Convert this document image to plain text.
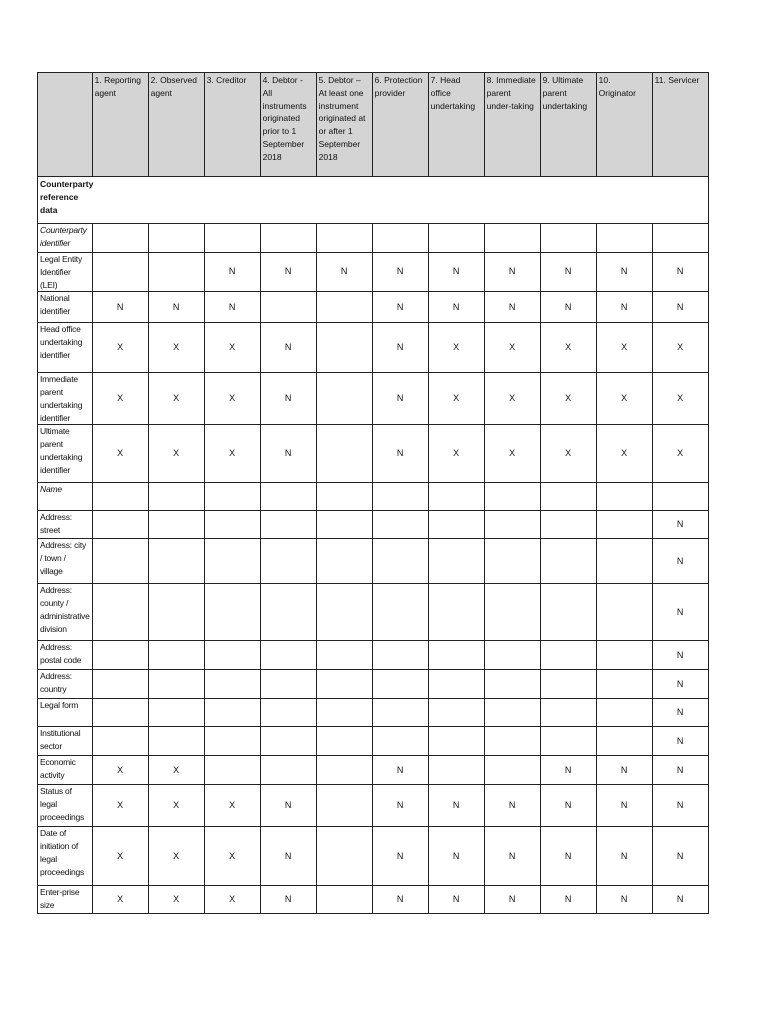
	1. Reporting agent	2. Observed agent	3. Creditor	4. Debtor - All instruments originated prior to 1 September 2018	5. Debtor – At least one instrument originated at or after 1 September 2018	6. Protection provider	7. Head office undertaking	8. Immediate parent under-taking	9. Ultimate parent undertaking	10. Originator	11. Servicer

Counterparty reference data											

Counterparty identifier											
Legal Entity Identifier (LEI)			N	N	N	N	N	N	N	N	N
National identifier	N	N	N			N	N	N	N	N	N
Head office undertaking identifier	X	X	X	N		N	X	X	X	X	X
Immediate parent undertaking identifier	X	X	X	N		N	X	X	X	X	X
Ultimate parent undertaking identifier	X	X	X	N		N	X	X	X	X	X
Name											
Address: street											N
Address: city / town / village											N
Address: county / administrative division											N
Address: postal code											N
Address: country											N
Legal form											N
Institutional sector											N
Economic activity	X	X				N			N	N	N
Status of legal proceedings	X	X	X	N		N	N	N	N	N	N
Date of initiation of legal proceedings	X	X	X	N		N	N	N	N	N	N
Enter-prise size	X	X	X	N		N	N	N	N	N	N
